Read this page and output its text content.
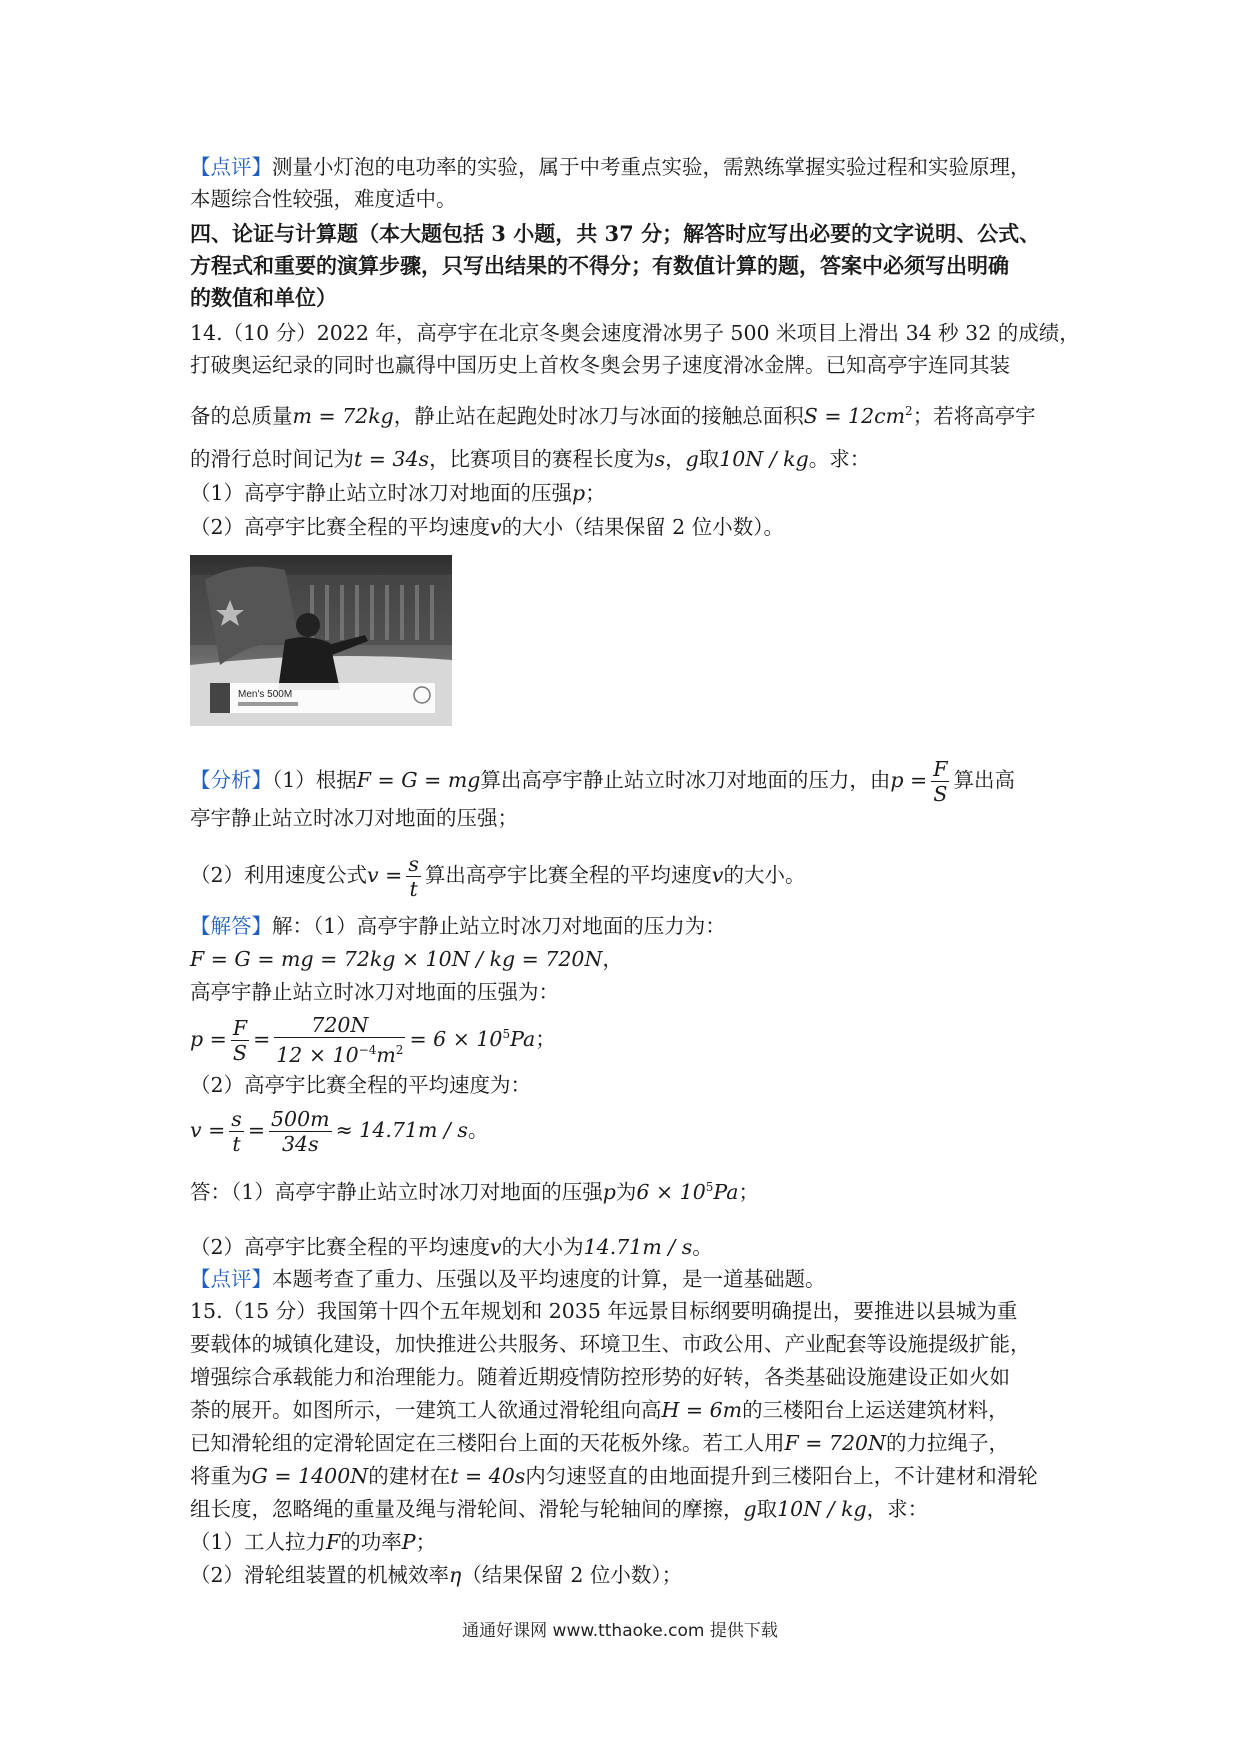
【点评】测量小灯泡的电功率的实验，属于中考重点实验，需熟练掌握实验过程和实验原理，
本题综合性较强，难度适中。
四、论证与计算题（本大题包括 3 小题，共 37 分；解答时应写出必要的文字说明、公式、
方程式和重要的演算步骤，只写出结果的不得分；有数值计算的题，答案中必须写出明确
的数值和单位）
14.（10 分）2022 年，高亭宇在北京冬奥会速度滑冰男子 500 米项目上滑出 34 秒 32 的成绩，
打破奥运纪录的同时也赢得中国历史上首枚冬奥会男子速度滑冰金牌。已知高亭宇连同其装
备的总质量m = 72kg，静止站在起跑处时冰刀与冰面的接触总面积$S = 12cm^2$；若将高亭宇
的滑行总时间记为t = 34s，比赛项目的赛程长度为s，g取10N / kg。求：
（1）高亭宇静止站立时冰刀对地面的压强p；
（2）高亭宇比赛全程的平均速度v的大小（结果保留 2 位小数）。
Men's 500M
【分析】（1）根据F = G = mg算出高亭宇静止站立时冰刀对地面的压力，由$p = \frac{F}{S}$ 算出高
亭宇静止站立时冰刀对地面的压强；
（2）利用速度公式$v = \frac{s}{t}$ 算出高亭宇比赛全程的平均速度v的大小。
【解答】解：（1）高亭宇静止站立时冰刀对地面的压力为：
F = G = mg = 72kg × 10N / kg = 720N，
高亭宇静止站立时冰刀对地面的压强为：
$p = \frac{F}{S} = \frac{720N}{12 \times 10^{-4}m^2} = 6 \times 10^5Pa$；
（2）高亭宇比赛全程的平均速度为：
$v = \frac{s}{t} = \frac{500m}{34s} \approx 14.71m / s$。
答：（1）高亭宇静止站立时冰刀对地面的压强p为$6 \times 10^5Pa$；
（2）高亭宇比赛全程的平均速度v的大小为14.71m / s。
【点评】本题考查了重力、压强以及平均速度的计算，是一道基础题。
15.（15 分）我国第十四个五年规划和 2035 年远景目标纲要明确提出，要推进以县城为重
要载体的城镇化建设，加快推进公共服务、环境卫生、市政公用、产业配套等设施提级扩能，
增强综合承载能力和治理能力。随着近期疫情防控形势的好转，各类基础设施建设正如火如
荼的展开。如图所示，一建筑工人欲通过滑轮组向高H = 6m的三楼阳台上运送建筑材料，
已知滑轮组的定滑轮固定在三楼阳台上面的天花板外缘。若工人用F = 720N的力拉绳子，
将重为G = 1400N的建材在t = 40s内匀速竖直的由地面提升到三楼阳台上，不计建材和滑轮
组长度，忽略绳的重量及绳与滑轮间、滑轮与轮轴间的摩擦，g取10N / kg，求：
（1）工人拉力F的功率P；
（2）滑轮组装置的机械效率η（结果保留 2 位小数）；
通通好课网 www.tthaoke.com 提供下载
